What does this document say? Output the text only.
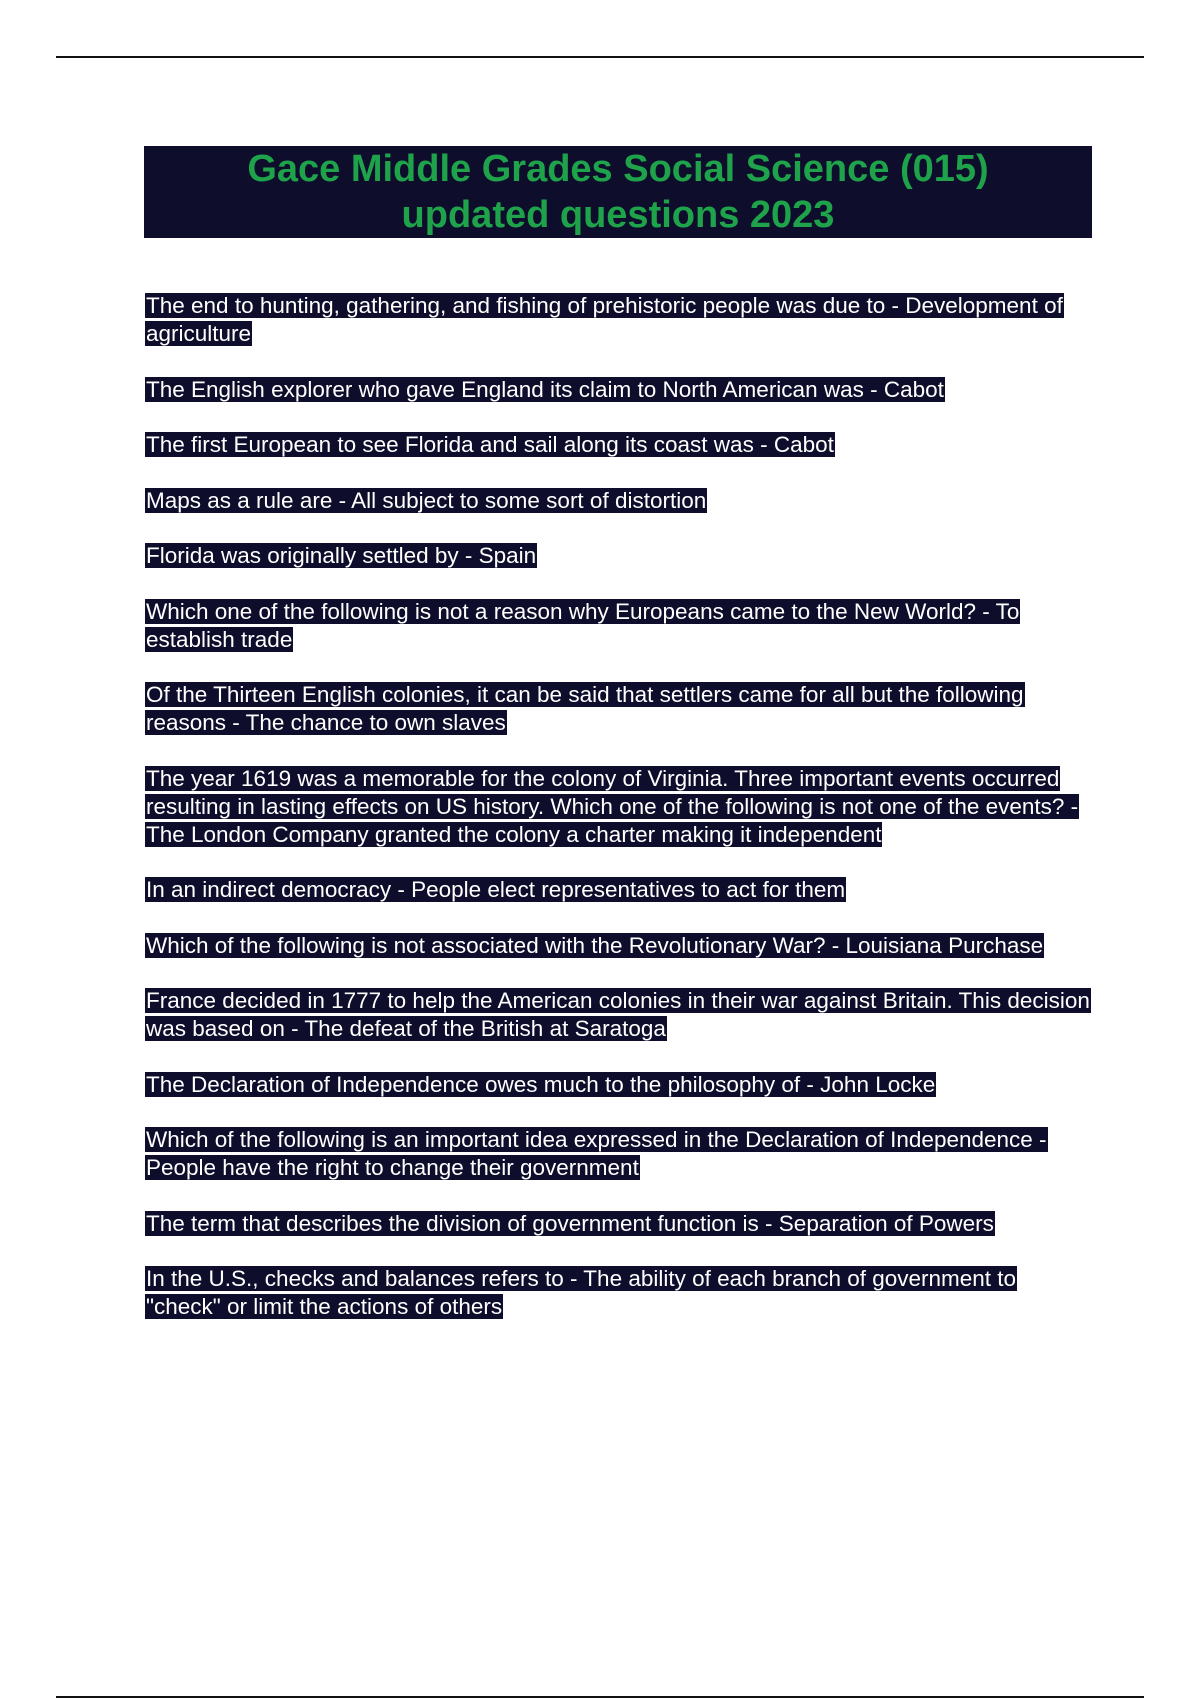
Gace Middle Grades Social Science (015) updated questions 2023
The end to hunting, gathering, and fishing of prehistoric people was due to - Development of agriculture
The English explorer who gave England its claim to North American was - Cabot
The first European to see Florida and sail along its coast was - Cabot
Maps as a rule are - All subject to some sort of distortion
Florida was originally settled by - Spain
Which one of the following is not a reason why Europeans came to the New World? - To establish trade
Of the Thirteen English colonies, it can be said that settlers came for all but the following reasons - The chance to own slaves
The year 1619 was a memorable for the colony of Virginia. Three important events occurred resulting in lasting effects on US history. Which one of the following is not one of the events? - The London Company granted the colony a charter making it independent
In an indirect democracy - People elect representatives to act for them
Which of the following is not associated with the Revolutionary War? - Louisiana Purchase
France decided in 1777 to help the American colonies in their war against Britain. This decision was based on - The defeat of the British at Saratoga
The Declaration of Independence owes much to the philosophy of - John Locke
Which of the following is an important idea expressed in the Declaration of Independence - People have the right to change their government
The term that describes the division of government function is - Separation of Powers
In the U.S., checks and balances refers to - The ability of each branch of government to "check" or limit the actions of others
